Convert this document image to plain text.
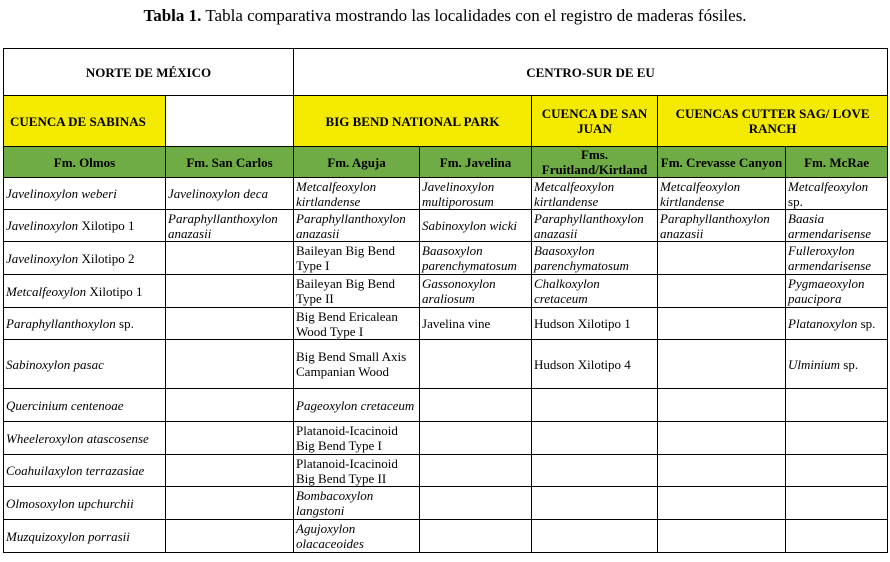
Tabla 1. Tabla comparativa mostrando las localidades con el registro de maderas fósiles.
NORTE DE MÉXICO		CENTRO-SUR DE EU				
CUENCA DE SABINAS		BIG BEND NATIONAL PARK		CUENCA DE SAN JUAN	CUENCAS CUTTER SAG/ LOVE RANCH	
Fm. Olmos	Fm. San Carlos	Fm. Aguja	Fm. Javelina	Fms. Fruitland/Kirtland	Fm. Crevasse Canyon	Fm. McRae
Javelinoxylon weberi	Javelinoxylon deca	Metcalfeoxylon kirtlandense	Javelinoxylon multiporosum	Metcalfeoxylon kirtlandense	Metcalfeoxylon kirtlandense	Metcalfeoxylon sp.
Javelinoxylon Xilotipo 1	Paraphyllanthoxylon anazasii	Paraphyllanthoxylon anazasii	Sabinoxylon wicki	Paraphyllanthoxylon anazasii	Paraphyllanthoxylon anazasii	Baasia armendarisense
Javelinoxylon Xilotipo 2		Baileyan Big Bend Type I	Baasoxylon parenchymatosum	Baasoxylon parenchymatosum		Fulleroxylon armendarisense
Metcalfeoxylon Xilotipo 1		Baileyan Big Bend Type II	Gassonoxylon araliosum	Chalkoxylon cretaceum		Pygmaeoxylon paucipora
Paraphyllanthoxylon sp.		Big Bend Ericalean Wood Type I	Javelina vine	Hudson Xilotipo 1		Platanoxylon sp.
Sabinoxylon pasac		Big Bend Small Axis Campanian Wood		Hudson Xilotipo 4		Ulminium sp.
Quercinium centenoae		Pageoxylon cretaceum				
Wheeleroxylon atascosense		Platanoid-Icacinoid Big Bend Type I				
Coahuilaxylon terrazasiae		Platanoid-Icacinoid Big Bend Type II				
Olmosoxylon upchurchii		Bombacoxylon langstoni				
Muzquizoxylon porrasii		Agujoxylon olacaceoides				
